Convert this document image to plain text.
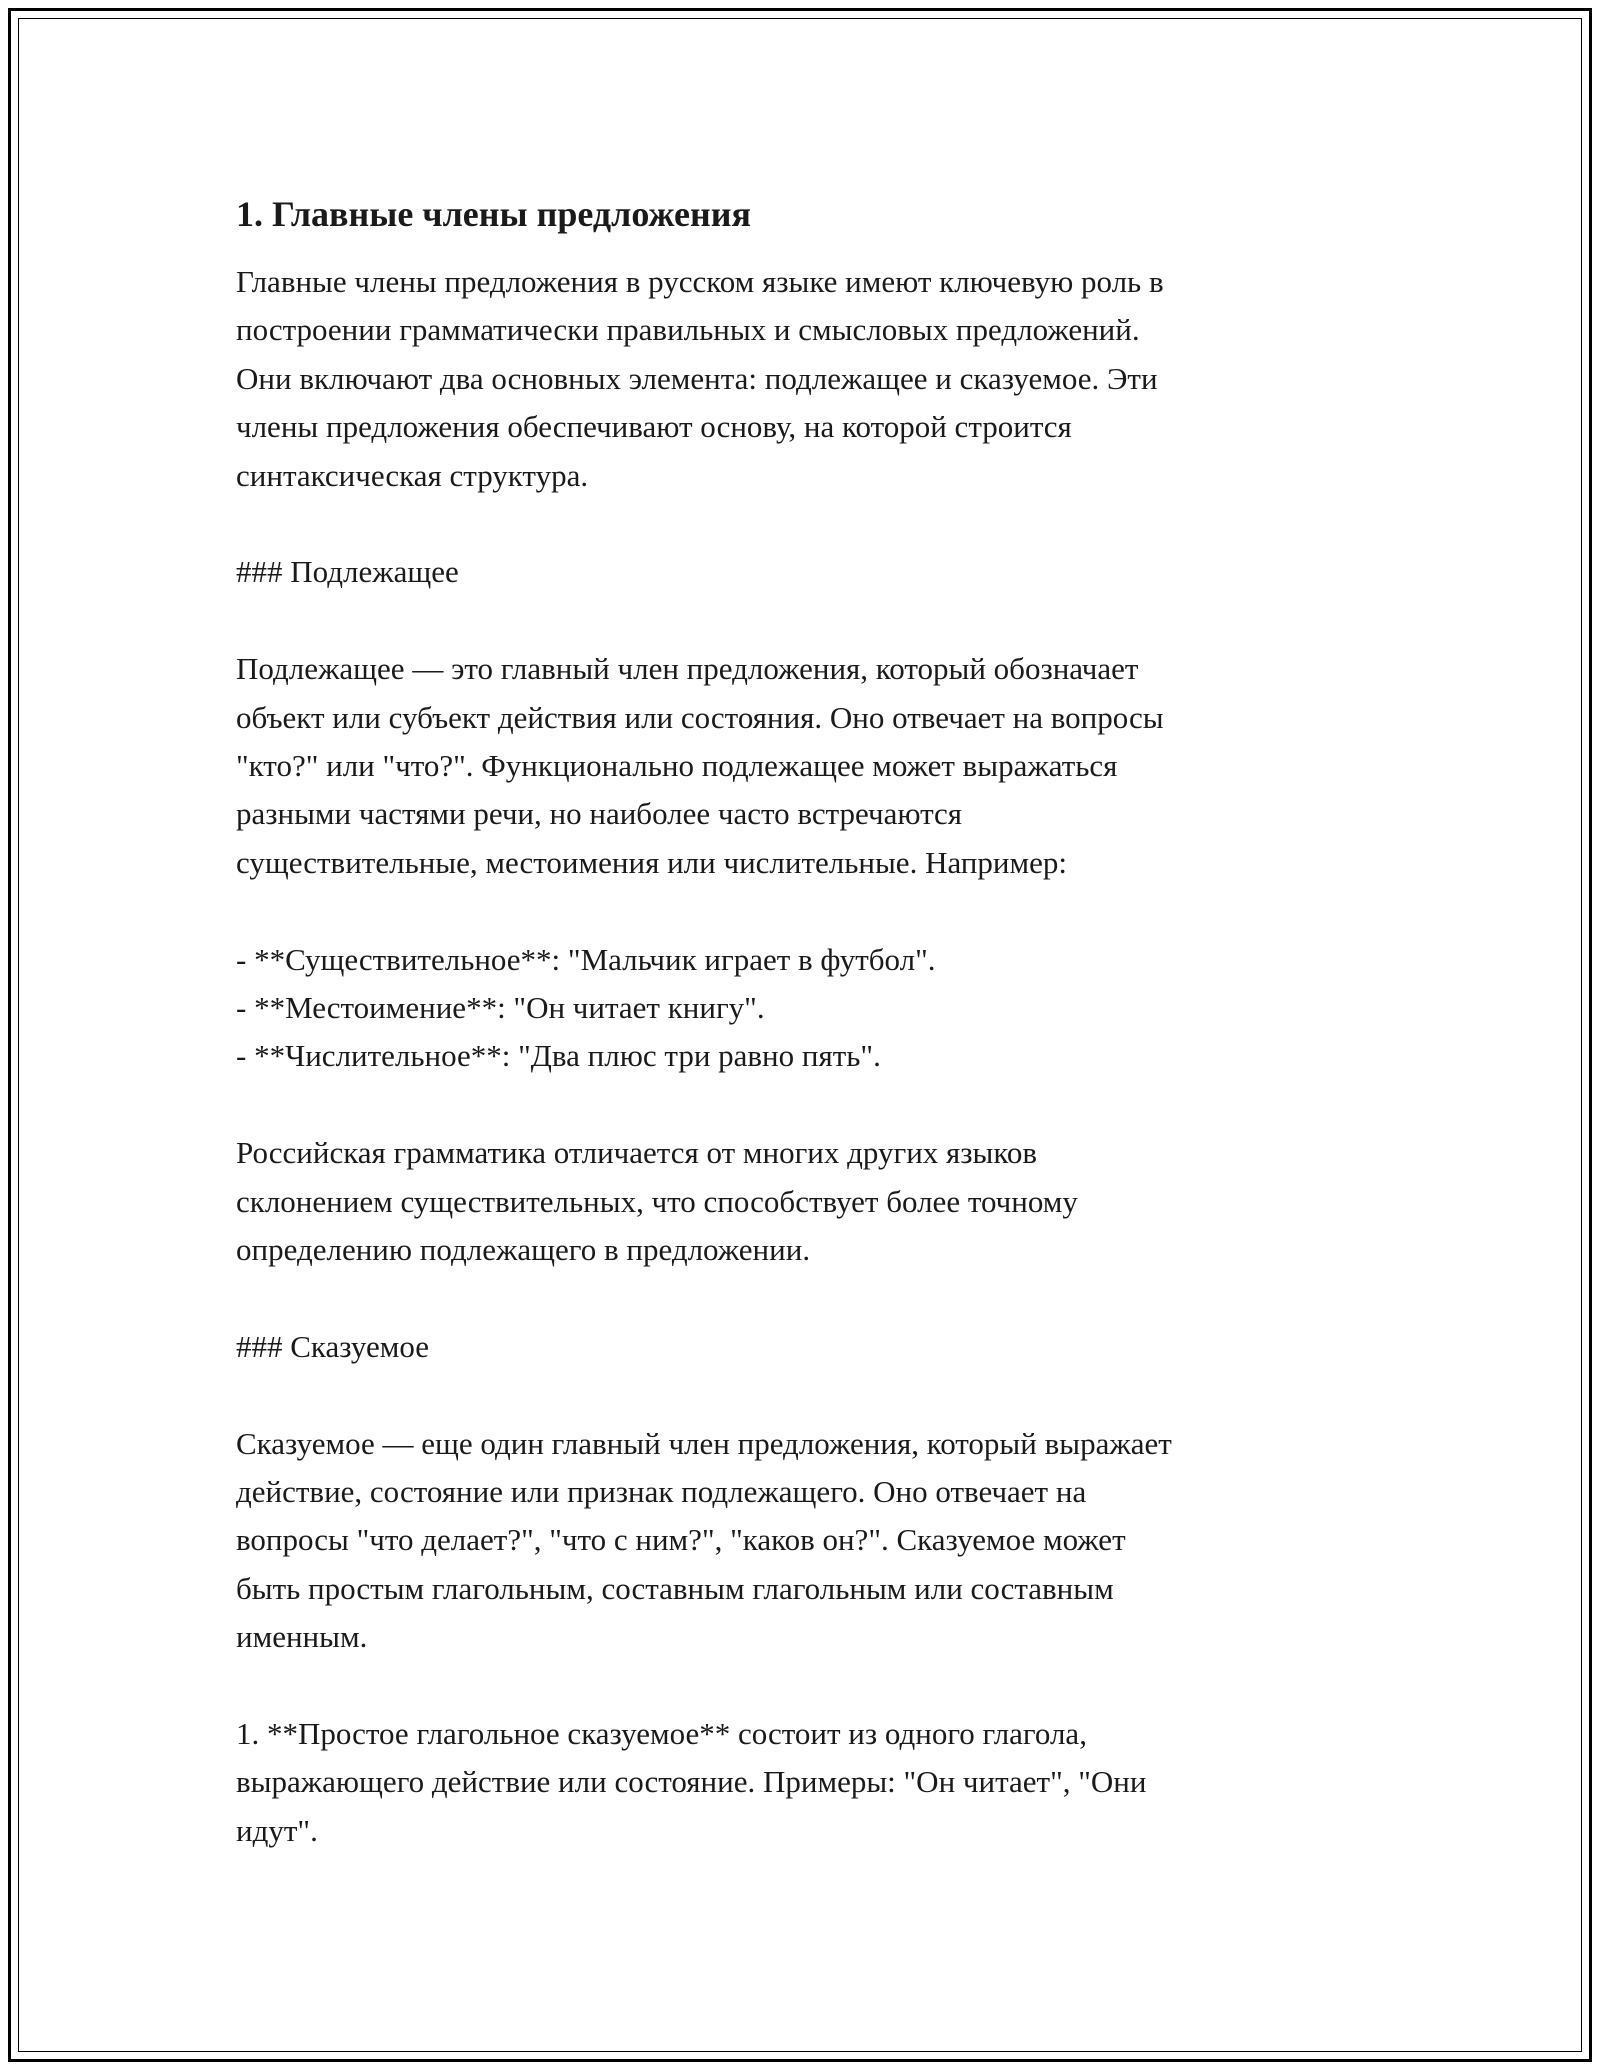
1. Главные члены предложения
Главные члены предложения в русском языке имеют ключевую роль в
построении грамматически правильных и смысловых предложений.
Они включают два основных элемента: подлежащее и сказуемое. Эти
члены предложения обеспечивают основу, на которой строится
синтаксическая структура.
### Подлежащее
Подлежащее — это главный член предложения, который обозначает
объект или субъект действия или состояния. Оно отвечает на вопросы
"кто?" или "что?". Функционально подлежащее может выражаться
разными частями речи, но наиболее часто встречаются
существительные, местоимения или числительные. Например:
- **Существительное**: "Мальчик играет в футбол".
- **Местоимение**: "Он читает книгу".
- **Числительное**: "Два плюс три равно пять".
Российская грамматика отличается от многих других языков
склонением существительных, что способствует более точному
определению подлежащего в предложении.
### Сказуемое
Сказуемое — еще один главный член предложения, который выражает
действие, состояние или признак подлежащего. Оно отвечает на
вопросы "что делает?", "что с ним?", "каков он?". Сказуемое может
быть простым глагольным, составным глагольным или составным
именным.
1. **Простое глагольное сказуемое** состоит из одного глагола,
выражающего действие или состояние. Примеры: "Он читает", "Они
идут".
